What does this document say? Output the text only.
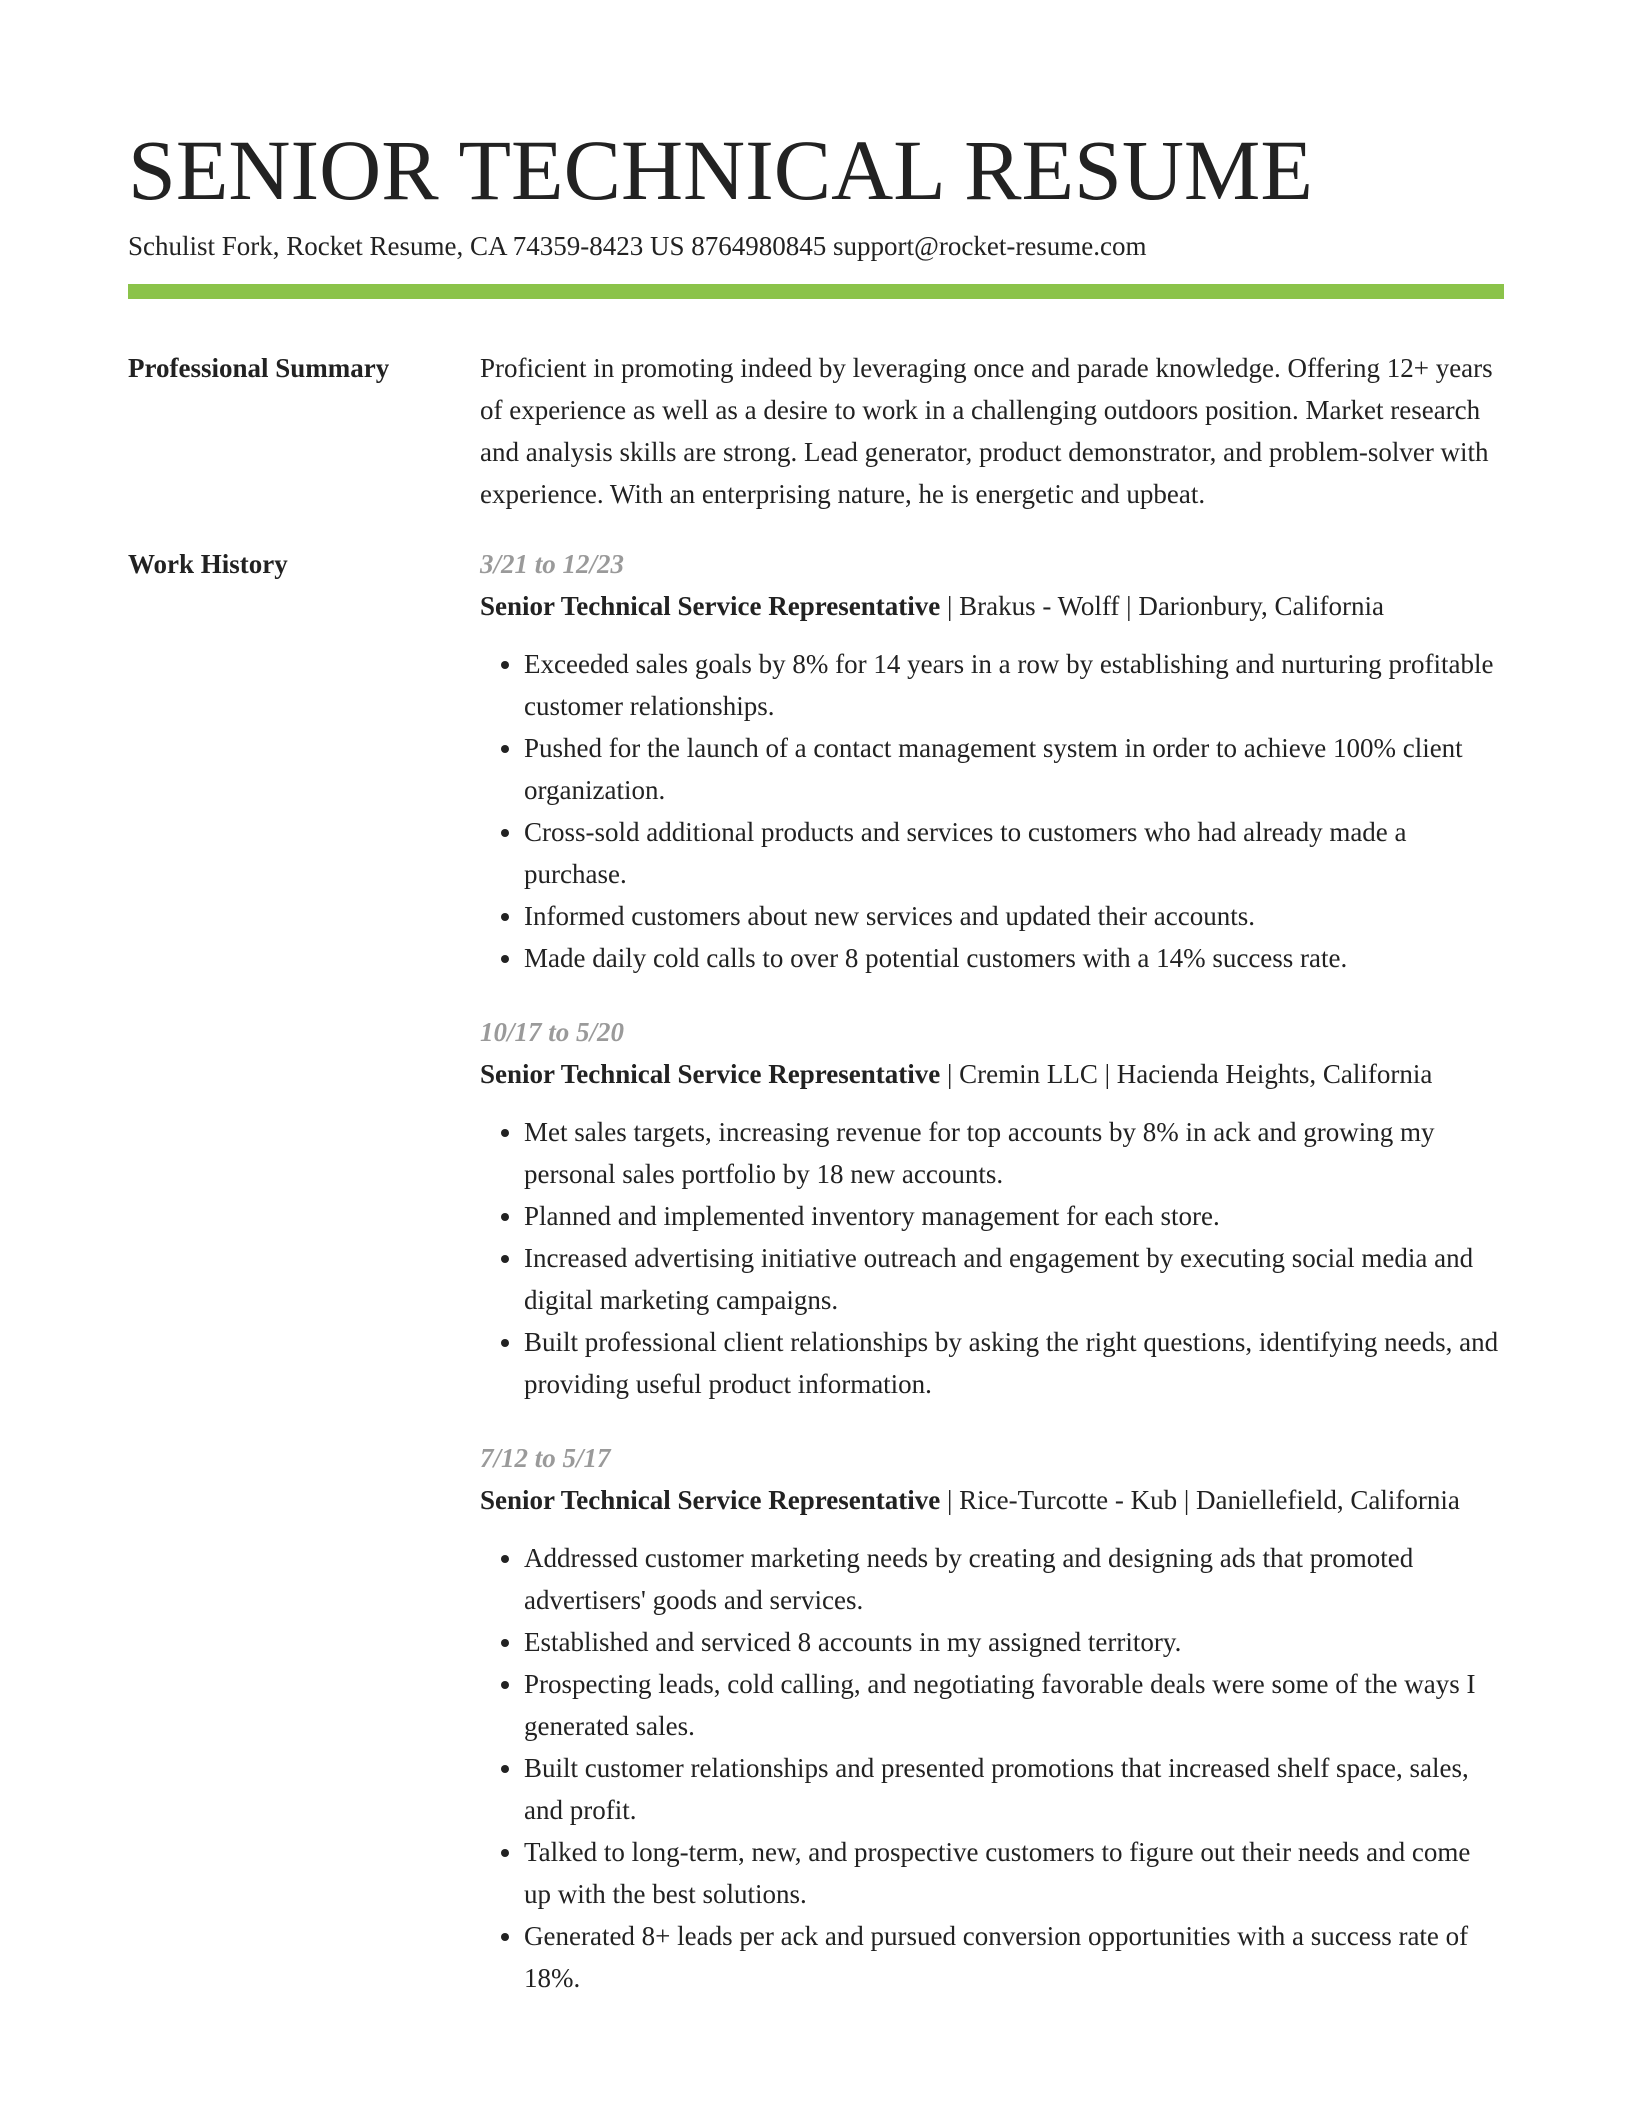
SENIOR TECHNICAL RESUME
Schulist Fork, Rocket Resume, CA 74359-8423 US 8764980845 support@rocket-resume.com
Professional Summary	Proficient in promoting indeed by leveraging once and parade knowledge. Offering 12+ years of experience as well as a desire to work in a challenging outdoors position. Market research and analysis skills are strong. Lead generator, product demonstrator, and problem-solver with experience. With an enterprising nature, he is energetic and upbeat.

Work History	3/21 to 12/23
Senior Technical Service Representative | Brakus - Wolff | Darionbury, California
• Exceeded sales goals by 8% for 14 years in a row by establishing and nurturing profitable customer relationships.
• Pushed for the launch of a contact management system in order to achieve 100% client organization.
• Cross-sold additional products and services to customers who had already made a purchase.
• Informed customers about new services and updated their accounts.
• Made daily cold calls to over 8 potential customers with a 14% success rate.
10/17 to 5/20
Senior Technical Service Representative | Cremin LLC | Hacienda Heights, California
• Met sales targets, increasing revenue for top accounts by 8% in ack and growing my personal sales portfolio by 18 new accounts.
• Planned and implemented inventory management for each store.
• Increased advertising initiative outreach and engagement by executing social media and digital marketing campaigns.
• Built professional client relationships by asking the right questions, identifying needs, and providing useful product information.
7/12 to 5/17
Senior Technical Service Representative | Rice-Turcotte - Kub | Daniellefield, California
• Addressed customer marketing needs by creating and designing ads that promoted advertisers' goods and services.
• Established and serviced 8 accounts in my assigned territory.
• Prospecting leads, cold calling, and negotiating favorable deals were some of the ways I generated sales.
• Built customer relationships and presented promotions that increased shelf space, sales, and profit.
• Talked to long-term, new, and prospective customers to figure out their needs and come up with the best solutions.
• Generated 8+ leads per ack and pursued conversion opportunities with a success rate of 18%.
